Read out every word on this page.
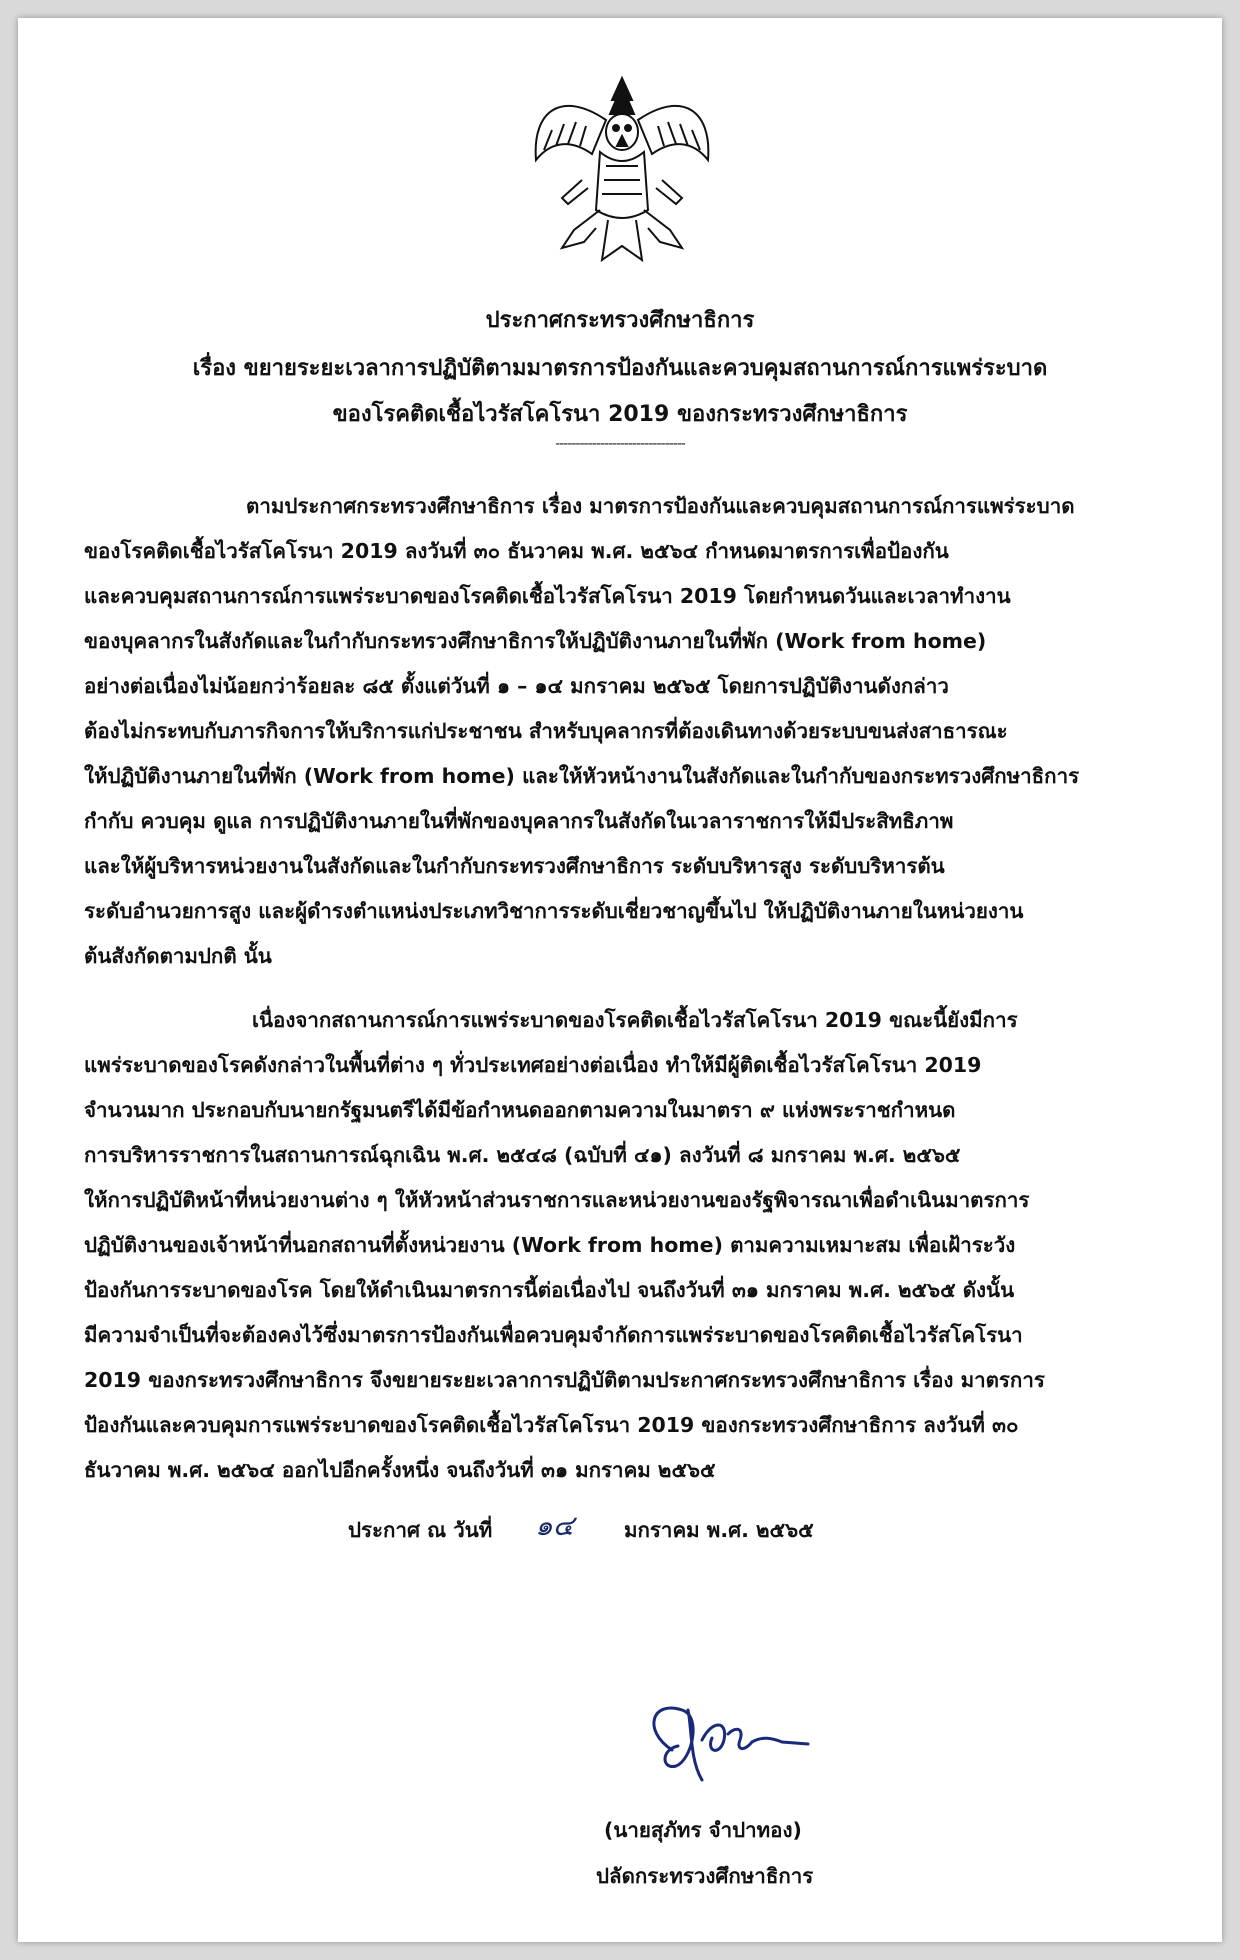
ประกาศกระทรวงศึกษาธิการ
เรื่อง ขยายระยะเวลาการปฏิบัติตามมาตรการป้องกันและควบคุมสถานการณ์การแพร่ระบาด
ของโรคติดเชื้อไวรัสโคโรนา 2019 ของกระทรวงศึกษาธิการ
--------------------------------
ตามประกาศกระทรวงศึกษาธิการ เรื่อง มาตรการป้องกันและควบคุมสถานการณ์การแพร่ระบาด
ของโรคติดเชื้อไวรัสโคโรนา 2019 ลงวันที่ ๓๐ ธันวาคม พ.ศ. ๒๕๖๔ กำหนดมาตรการเพื่อป้องกัน
และควบคุมสถานการณ์การแพร่ระบาดของโรคติดเชื้อไวรัสโคโรนา 2019 โดยกำหนดวันและเวลาทำงาน
ของบุคลากรในสังกัดและในกำกับกระทรวงศึกษาธิการให้ปฏิบัติงานภายในที่พัก (Work from home)
อย่างต่อเนื่องไม่น้อยกว่าร้อยละ ๘๕ ตั้งแต่วันที่ ๑ – ๑๔ มกราคม ๒๕๖๕ โดยการปฏิบัติงานดังกล่าว
ต้องไม่กระทบกับภารกิจการให้บริการแก่ประชาชน สำหรับบุคลากรที่ต้องเดินทางด้วยระบบขนส่งสาธารณะ
ให้ปฏิบัติงานภายในที่พัก (Work from home) และให้หัวหน้างานในสังกัดและในกำกับของกระทรวงศึกษาธิการ
กำกับ ควบคุม ดูแล การปฏิบัติงานภายในที่พักของบุคลากรในสังกัดในเวลาราชการให้มีประสิทธิภาพ
และให้ผู้บริหารหน่วยงานในสังกัดและในกำกับกระทรวงศึกษาธิการ ระดับบริหารสูง ระดับบริหารต้น
ระดับอำนวยการสูง และผู้ดำรงตำแหน่งประเภทวิชาการระดับเชี่ยวชาญขึ้นไป ให้ปฏิบัติงานภายในหน่วยงาน
ต้นสังกัดตามปกติ นั้น
เนื่องจากสถานการณ์การแพร่ระบาดของโรคติดเชื้อไวรัสโคโรนา 2019 ขณะนี้ยังมีการ
แพร่ระบาดของโรคดังกล่าวในพื้นที่ต่าง ๆ ทั่วประเทศอย่างต่อเนื่อง ทำให้มีผู้ติดเชื้อไวรัสโคโรนา 2019
จำนวนมาก ประกอบกับนายกรัฐมนตรีได้มีข้อกำหนดออกตามความในมาตรา ๙ แห่งพระราชกำหนด
การบริหารราชการในสถานการณ์ฉุกเฉิน พ.ศ. ๒๕๔๘ (ฉบับที่ ๔๑) ลงวันที่ ๘ มกราคม พ.ศ. ๒๕๖๕
ให้การปฏิบัติหน้าที่หน่วยงานต่าง ๆ ให้หัวหน้าส่วนราชการและหน่วยงานของรัฐพิจารณาเพื่อดำเนินมาตรการ
ปฏิบัติงานของเจ้าหน้าที่นอกสถานที่ตั้งหน่วยงาน (Work from home) ตามความเหมาะสม เพื่อเฝ้าระวัง
ป้องกันการระบาดของโรค โดยให้ดำเนินมาตรการนี้ต่อเนื่องไป จนถึงวันที่ ๓๑ มกราคม พ.ศ. ๒๕๖๕ ดังนั้น
มีความจำเป็นที่จะต้องคงไว้ซึ่งมาตรการป้องกันเพื่อควบคุมจำกัดการแพร่ระบาดของโรคติดเชื้อไวรัสโคโรนา
2019 ของกระทรวงศึกษาธิการ จึงขยายระยะเวลาการปฏิบัติตามประกาศกระทรวงศึกษาธิการ เรื่อง มาตรการ
ป้องกันและควบคุมการแพร่ระบาดของโรคติดเชื้อไวรัสโคโรนา 2019 ของกระทรวงศึกษาธิการ ลงวันที่ ๓๐
ธันวาคม พ.ศ. ๒๕๖๔ ออกไปอีกครั้งหนึ่ง จนถึงวันที่ ๓๑ มกราคม ๒๕๖๕
ประกาศ ณ วันที่ ๑๔ มกราคม พ.ศ. ๒๕๖๕
(นายสุภัทร จำปาทอง)
ปลัดกระทรวงศึกษาธิการ
